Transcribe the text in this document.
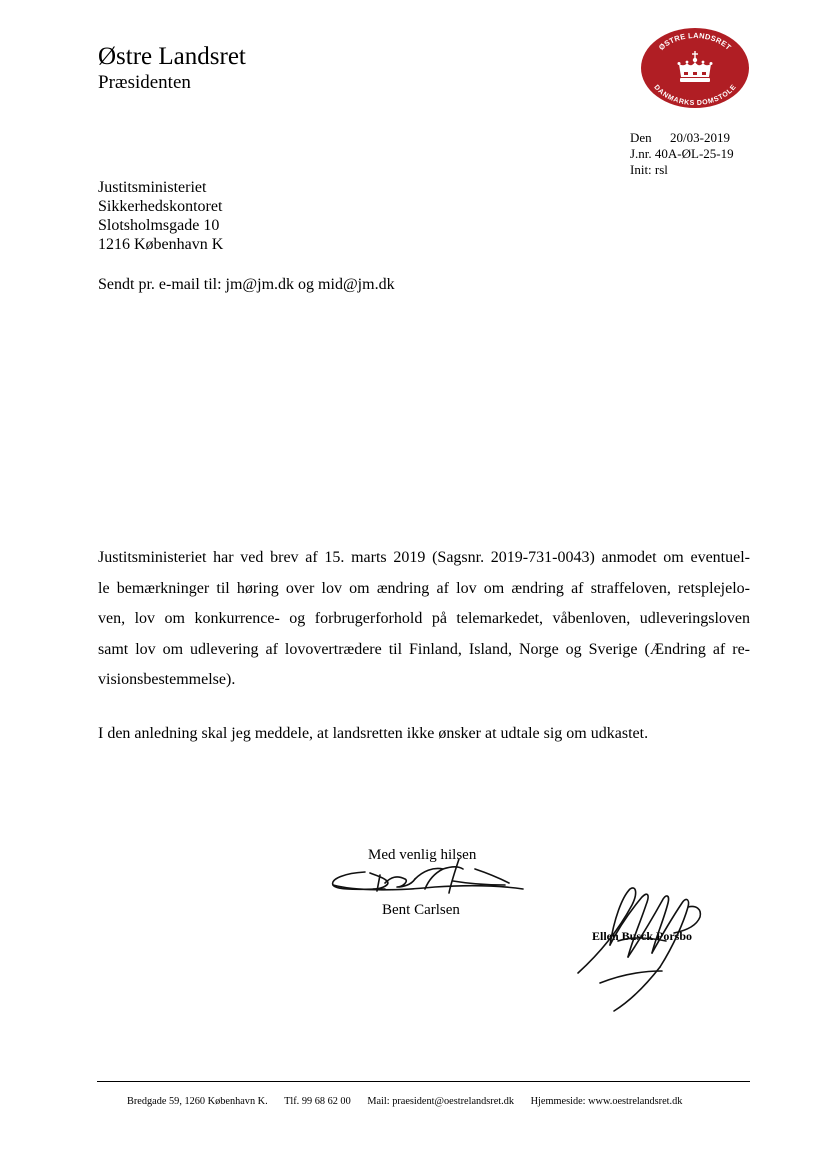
Østre Landsret
Præsidenten
ØSTRE LANDSRET
DANMARKS DOMSTOLE
Den 20/03-2019
J.nr. 40A-ØL-25-19
Init: rsl
Justitsministeriet
Sikkerhedskontoret
Slotsholmsgade 10
1216 København K
Sendt pr. e-mail til: jm@jm.dk og mid@jm.dk
Justitsministeriet har ved brev af 15. marts 2019 (Sagsnr. 2019-731-0043) anmodet om eventuel-
le bemærkninger til høring over lov om ændring af lov om ændring af straffeloven, retsplejelo-
ven, lov om konkurrence- og forbrugerforhold på telemarkedet, våbenloven, udleveringsloven
samt lov om udlevering af lovovertrædere til Finland, Island, Norge og Sverige (Ændring af re-
visionsbestemmelse).
I den anledning skal jeg meddele, at landsretten ikke ønsker at udtale sig om udkastet.
Med venlig hilsen
Bent Carlsen
Ellen Busck Porsbo
Bredgade 59, 1260 København K. Tlf. 99 68 62 00 Mail: praesident@oestrelandsret.dk Hjemmeside: www.oestrelandsret.dk
